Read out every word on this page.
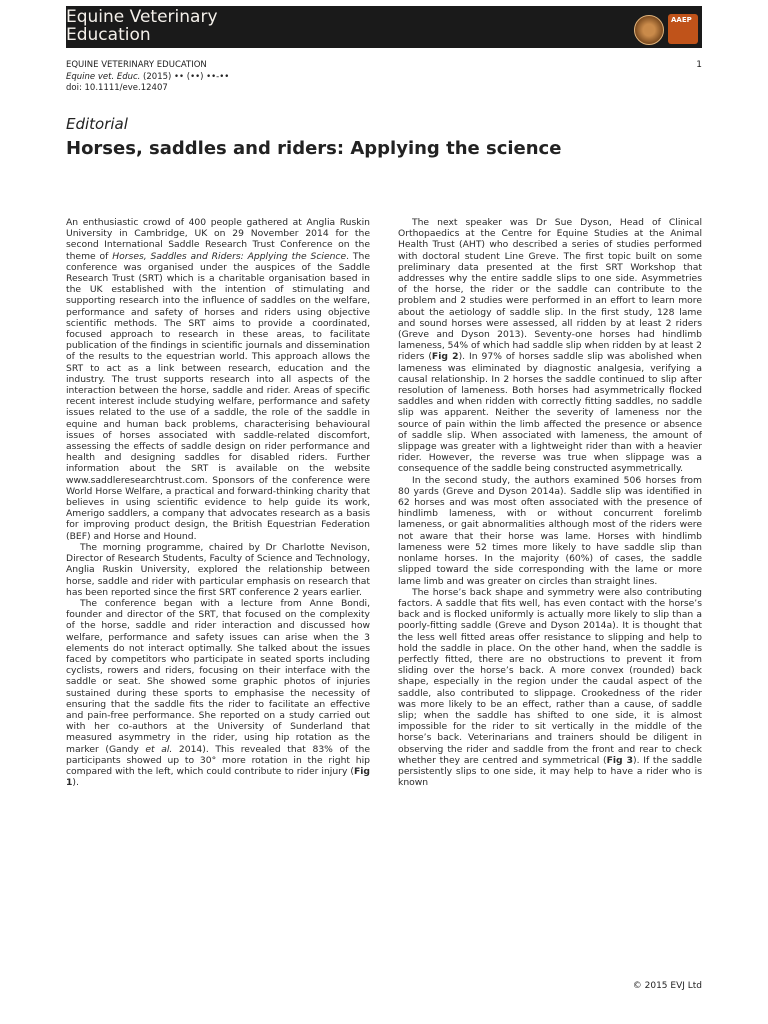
Equine Veterinary
Education
AAEP
EQUINE VETERINARY EDUCATION
Equine vet. Educ. (2015) •• (••) ••-••
doi: 10.1111/eve.12407
1
Editorial
Horses, saddles and riders: Applying the science

An enthusiastic crowd of 400 people gathered at Anglia Ruskin University in Cambridge, UK on 29 November 2014 for the second International Saddle Research Trust Conference on the theme of Horses, Saddles and Riders: Applying the Science. The conference was organised under the auspices of the Saddle Research Trust (SRT) which is a charitable organisation based in the UK established with the intention of stimulating and supporting research into the influence of saddles on the welfare, performance and safety of horses and riders using objective scientific methods. The SRT aims to provide a coordinated, focused approach to research in these areas, to facilitate publication of the findings in scientific journals and dissemination of the results to the equestrian world. This approach allows the SRT to act as a link between research, education and the industry. The trust supports research into all aspects of the interaction between the horse, saddle and rider. Areas of specific recent interest include studying welfare, performance and safety issues related to the use of a saddle, the role of the saddle in equine and human back problems, characterising behavioural issues of horses associated with saddle-related discomfort, assessing the effects of saddle design on rider performance and health and designing saddles for disabled riders. Further information about the SRT is available on the website www.saddleresearchtrust.com. Sponsors of the conference were World Horse Welfare, a practical and forward-thinking charity that believes in using scientific evidence to help guide its work, Amerigo saddlers, a company that advocates research as a basis for improving product design, the British Equestrian Federation (BEF) and Horse and Hound.

The morning programme, chaired by Dr Charlotte Nevison, Director of Research Students, Faculty of Science and Technology, Anglia Ruskin University, explored the relationship between horse, saddle and rider with particular emphasis on research that has been reported since the first SRT conference 2 years earlier.

The conference began with a lecture from Anne Bondi, founder and director of the SRT, that focused on the complexity of the horse, saddle and rider interaction and discussed how welfare, performance and safety issues can arise when the 3 elements do not interact optimally. She talked about the issues faced by competitors who participate in seated sports including cyclists, rowers and riders, focusing on their interface with the saddle or seat. She showed some graphic photos of injuries sustained during these sports to emphasise the necessity of ensuring that the saddle fits the rider to facilitate an effective and pain-free performance. She reported on a study carried out with her co-authors at the University of Sunderland that measured asymmetry in the rider, using hip rotation as the marker (Gandy et al. 2014). This revealed that 83% of the participants showed up to 30° more rotation in the right hip compared with the left, which could contribute to rider injury (Fig 1).

The next speaker was Dr Sue Dyson, Head of Clinical Orthopaedics at the Centre for Equine Studies at the Animal Health Trust (AHT) who described a series of studies performed with doctoral student Line Greve. The first topic built on some preliminary data presented at the first SRT Workshop that addresses why the entire saddle slips to one side. Asymmetries of the horse, the rider or the saddle can contribute to the problem and 2 studies were performed in an effort to learn more about the aetiology of saddle slip. In the first study, 128 lame and sound horses were assessed, all ridden by at least 2 riders (Greve and Dyson 2013). Seventy-one horses had hindlimb lameness, 54% of which had saddle slip when ridden by at least 2 riders (Fig 2). In 97% of horses saddle slip was abolished when lameness was eliminated by diagnostic analgesia, verifying a causal relationship. In 2 horses the saddle continued to slip after resolution of lameness. Both horses had asymmetrically flocked saddles and when ridden with correctly fitting saddles, no saddle slip was apparent. Neither the severity of lameness nor the source of pain within the limb affected the presence or absence of saddle slip. When associated with lameness, the amount of slippage was greater with a lightweight rider than with a heavier rider. However, the reverse was true when slippage was a consequence of the saddle being constructed asymmetrically.

In the second study, the authors examined 506 horses from 80 yards (Greve and Dyson 2014a). Saddle slip was identified in 62 horses and was most often associated with the presence of hindlimb lameness, with or without concurrent forelimb lameness, or gait abnormalities although most of the riders were not aware that their horse was lame. Horses with hindlimb lameness were 52 times more likely to have saddle slip than nonlame horses. In the majority (60%) of cases, the saddle slipped toward the side corresponding with the lame or more lame limb and was greater on circles than straight lines.

The horse’s back shape and symmetry were also contributing factors. A saddle that fits well, has even contact with the horse’s back and is flocked uniformly is actually more likely to slip than a poorly-fitting saddle (Greve and Dyson 2014a). It is thought that the less well fitted areas offer resistance to slipping and help to hold the saddle in place. On the other hand, when the saddle is perfectly fitted, there are no obstructions to prevent it from sliding over the horse’s back. A more convex (rounded) back shape, especially in the region under the caudal aspect of the saddle, also contributed to slippage. Crookedness of the rider was more likely to be an effect, rather than a cause, of saddle slip; when the saddle has shifted to one side, it is almost impossible for the rider to sit vertically in the middle of the horse’s back. Veterinarians and trainers should be diligent in observing the rider and saddle from the front and rear to check whether they are centred and symmetrical (Fig 3). If the saddle persistently slips to one side, it may help to have a rider who is known

© 2015 EVJ Ltd
